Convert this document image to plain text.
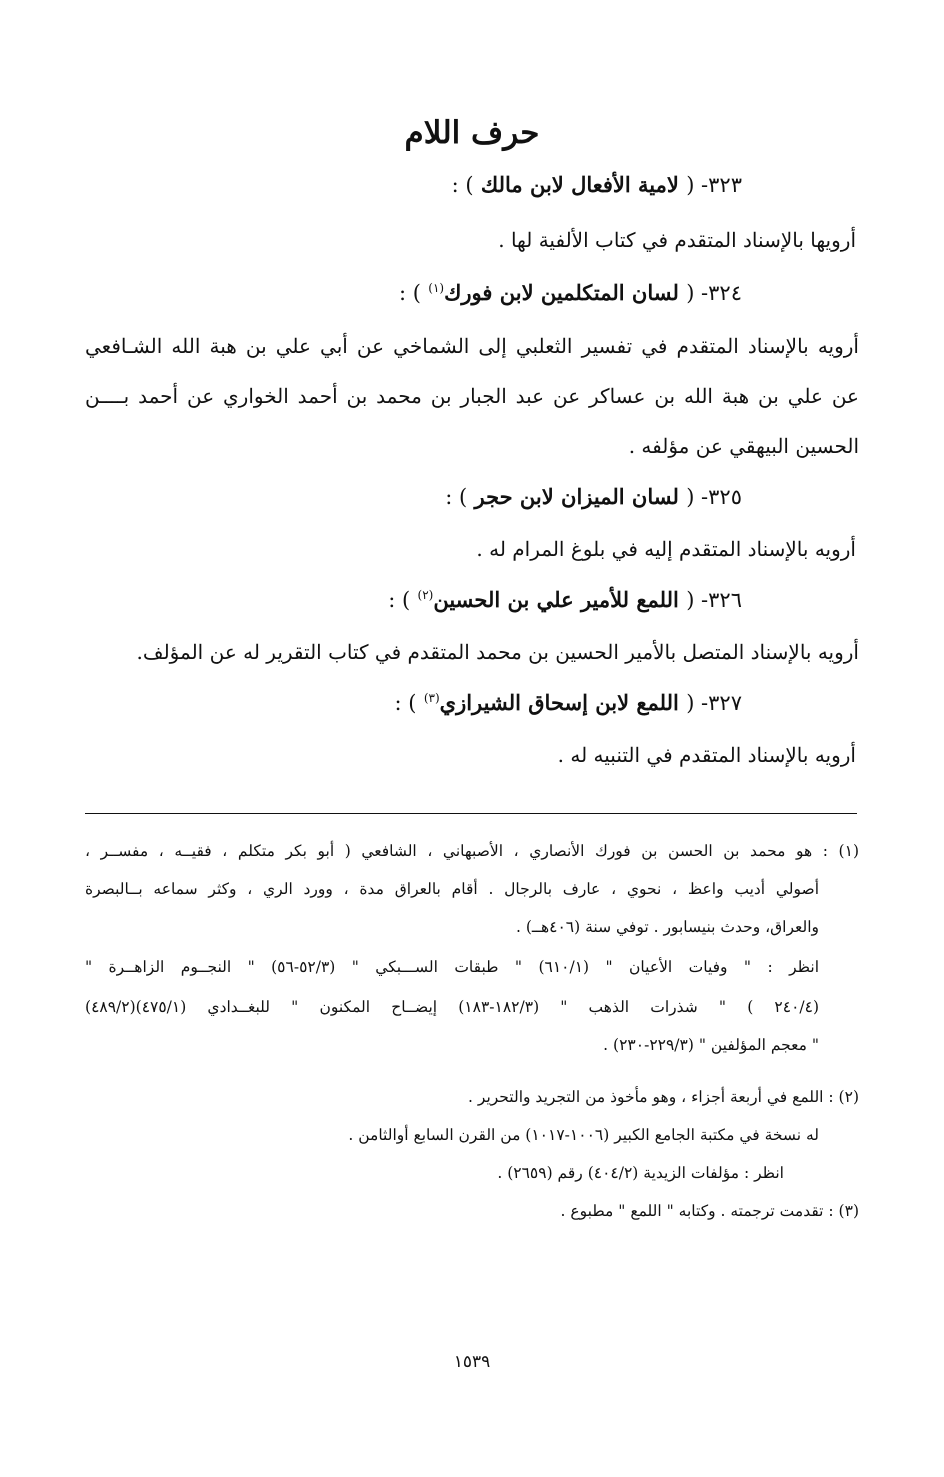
حرف اللام
٣٢٣- ( لامية الأفعال لابن مالك ) :
أرويها بالإسناد المتقدم في كتاب الألفية لها .
٣٢٤- ( لسان المتكلمين لابن فورك$^{(١)}$ ) :
أرويه بالإسناد المتقدم في تفسير الثعلبي إلى الشماخي عن أبي علي بن هبة الله الشـافعي
عن علي بن هبة الله بن عساكر عن عبد الجبار بن محمد بن أحمد الخواري عن أحمد بــــن
الحسين البيهقي عن مؤلفه .
٣٢٥- ( لسان الميزان لابن حجر ) :
أرويه بالإسناد المتقدم إليه في بلوغ المرام له .
٣٢٦- ( اللمع للأمير علي بن الحسين$^{(٢)}$ ) :
أرويه بالإسناد المتصل بالأمير الحسين بن محمد المتقدم في كتاب التقرير له عن المؤلف.
٣٢٧- ( اللمع لابن إسحاق الشيرازي$^{(٣)}$ ) :
أرويه بالإسناد المتقدم في التنبيه له .
(١) : هو محمد بن الحسن بن فورك الأنصاري ، الأصبهاني ، الشافعي ( أبو بكر متكلم ، فقيــه ، مفســر ،
أصولي أديب واعظ ، نحوي ، عارف بالرجال . أقام بالعراق مدة ، وورد الري ، وكثر سماعه بــالبصرة
والعراق، وحدث بنيسابور . توفي سنة (٤٠٦هــ) .
انظر : " وفيات الأعيان " (٦١٠/١) " طبقات الســـبكي " (٥٢/٣-٥٦) " النجــوم الزاهــرة "
(٢٤٠/٤ ) " شذرات الذهب " (١٨٢/٣-١٨٣) إيضــاح المكنون " للبغــدادي (٤٧٥/١)(٤٨٩/٢)
" معجم المؤلفين " (٢٢٩/٣-٢٣٠) .
(٢) : اللمع في أربعة أجزاء ، وهو مأخوذ من التجريد والتحرير .
له نسخة في مكتبة الجامع الكبير (١٠٠٦-١٠١٧) من القرن السابع أوالثامن .
انظر : مؤلفات الزيدية (٤٠٤/٢) رقم (٢٦٥٩) .
(٣) : تقدمت ترجمته . وكتابه " اللمع " مطبوع .
١٥٣٩
